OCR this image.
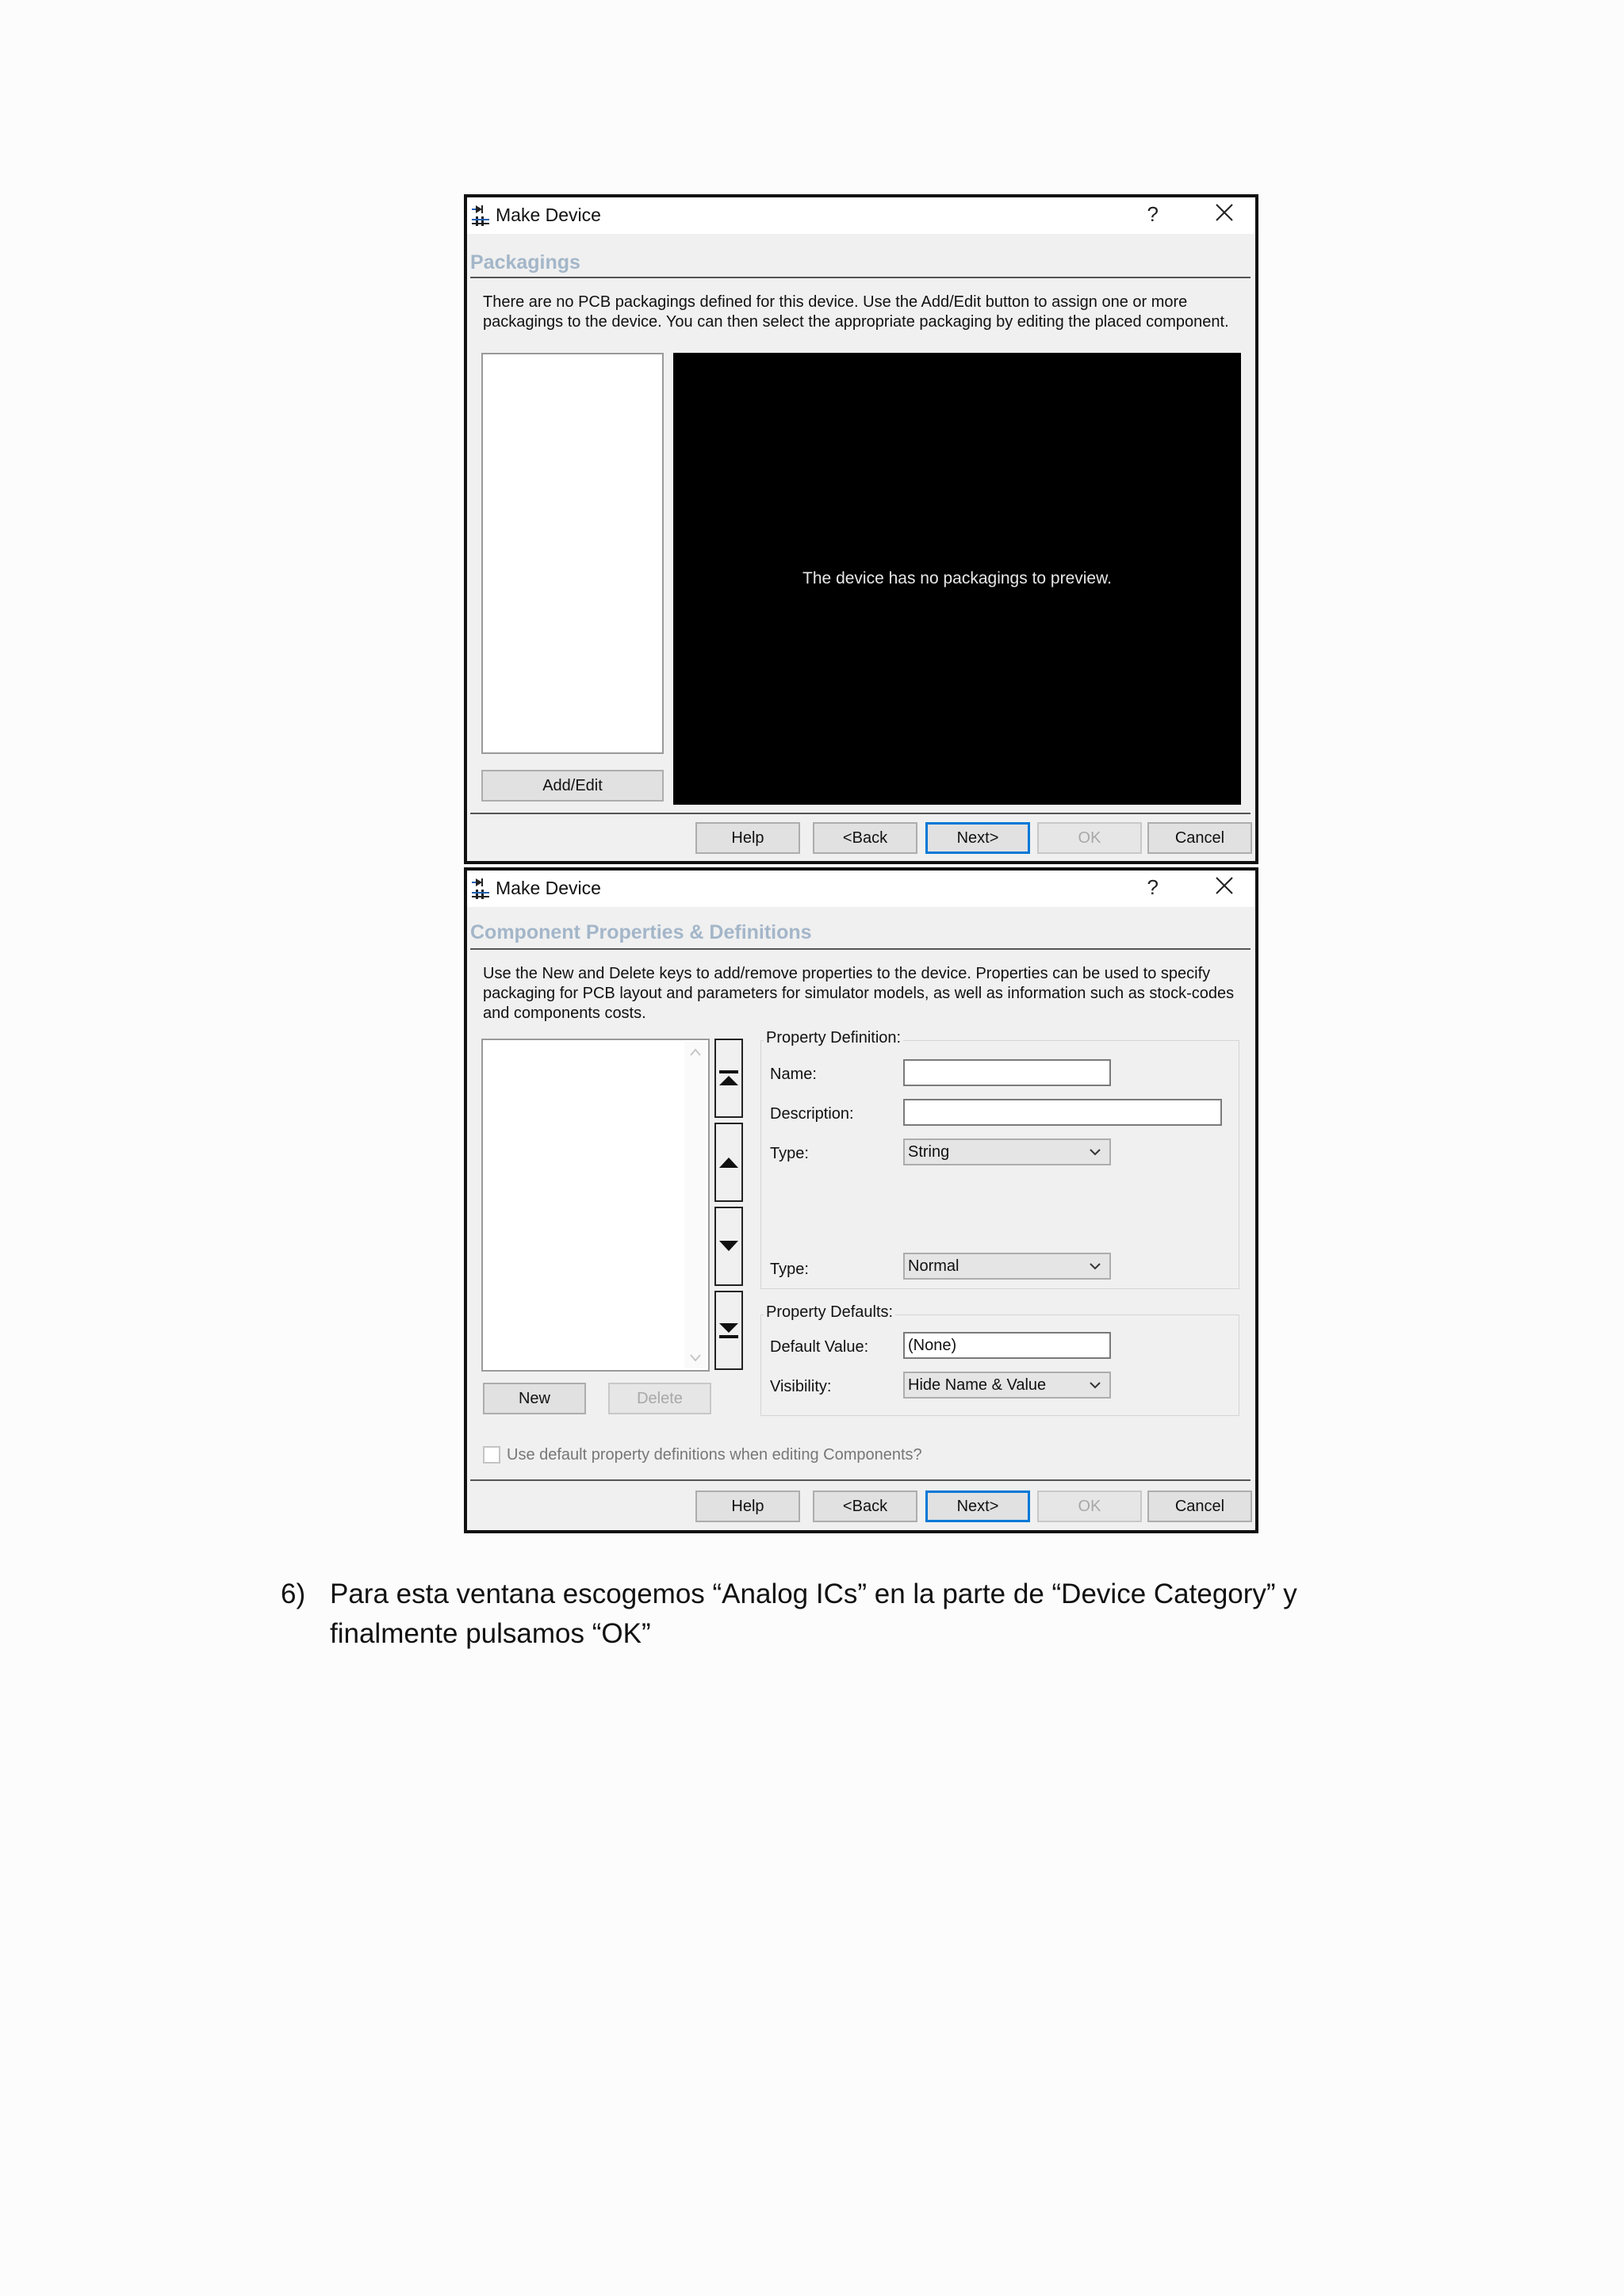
Make Device	?
Packagings
There are no PCB packagings defined for this device. Use the Add/Edit button to assign one or more packagings to the device. You can then select the appropriate packaging by editing the placed component.
The device has no packagings to preview.
Add/Edit
Help	<Back	Next>	OK	Cancel
Make Device	?
Component Properties & Definitions
Use the New and Delete keys to add/remove properties to the device. Properties can be used to specify packaging for PCB layout and parameters for simulator models, as well as information such as stock-codes and components costs.
New	Delete
Property Definition:
Name:
Description:
Type:	String
Type:	Normal
Property Defaults:
Default Value:	(None)
Visibility:	Hide Name & Value
Use default property definitions when editing Components?
Help	<Back	Next>	OK	Cancel
6) Para esta ventana escogemos “Analog ICs” en la parte de “Device Category” y finalmente pulsamos “OK”
